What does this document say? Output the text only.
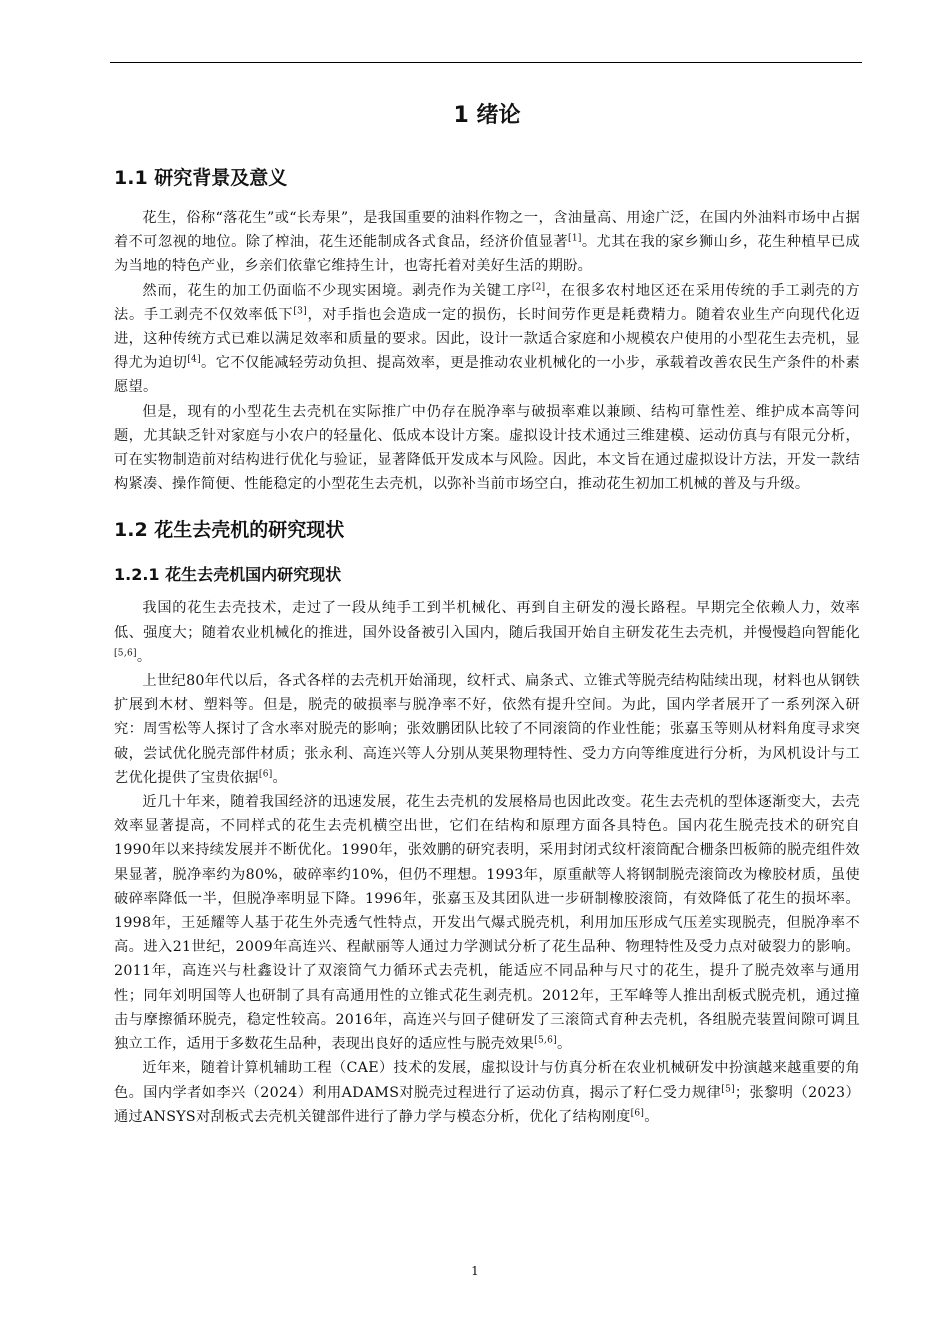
1 绪论
1.1 研究背景及意义

花生，俗称“落花生”或“长寿果”，是我国重要的油料作物之一，含油量高、用途广泛，在国内外油料市场中占据着不可忽视的地位。除了榨油，花生还能制成各式食品，经济价值显著[1]。尤其在我的家乡狮山乡，花生种植早已成为当地的特色产业，乡亲们依靠它维持生计，也寄托着对美好生活的期盼。

然而，花生的加工仍面临不少现实困境。剥壳作为关键工序[2]，在很多农村地区还在采用传统的手工剥壳的方法。手工剥壳不仅效率低下[3]，对手指也会造成一定的损伤，长时间劳作更是耗费精力。随着农业生产向现代化迈进，这种传统方式已难以满足效率和质量的要求。因此，设计一款适合家庭和小规模农户使用的小型花生去壳机，显得尤为迫切[4]。它不仅能减轻劳动负担、提高效率，更是推动农业机械化的一小步，承载着改善农民生产条件的朴素愿望。

但是，现有的小型花生去壳机在实际推广中仍存在脱净率与破损率难以兼顾、结构可靠性差、维护成本高等问题，尤其缺乏针对家庭与小农户的轻量化、低成本设计方案。虚拟设计技术通过三维建模、运动仿真与有限元分析，可在实物制造前对结构进行优化与验证，显著降低开发成本与风险。因此，本文旨在通过虚拟设计方法，开发一款结构紧凑、操作简便、性能稳定的小型花生去壳机，以弥补当前市场空白，推动花生初加工机械的普及与升级。

1.2 花生去壳机的研究现状
1.2.1 花生去壳机国内研究现状

我国的花生去壳技术，走过了一段从纯手工到半机械化、再到自主研发的漫长路程。早期完全依赖人力，效率低、强度大；随着农业机械化的推进，国外设备被引入国内，随后我国开始自主研发花生去壳机，并慢慢趋向智能化[5,6]。

上世纪80年代以后，各式各样的去壳机开始涌现，纹杆式、扁条式、立锥式等脱壳结构陆续出现，材料也从钢铁扩展到木材、塑料等。但是，脱壳的破损率与脱净率不好，依然有提升空间。为此，国内学者展开了一系列深入研究：周雪松等人探讨了含水率对脱壳的影响；张效鹏团队比较了不同滚筒的作业性能；张嘉玉等则从材料角度寻求突破，尝试优化脱壳部件材质；张永利、高连兴等人分别从荚果物理特性、受力方向等维度进行分析，为风机设计与工艺优化提供了宝贵依据[6]。

近几十年来，随着我国经济的迅速发展，花生去壳机的发展格局也因此改变。花生去壳机的型体逐渐变大，去壳效率显著提高，不同样式的花生去壳机横空出世，它们在结构和原理方面各具特色。国内花生脱壳技术的研究自1990年以来持续发展并不断优化。1990年，张效鹏的研究表明，采用封闭式纹杆滚筒配合栅条凹板筛的脱壳组件效果显著，脱净率约为80%，破碎率约10%，但仍不理想。1993年，原重献等人将钢制脱壳滚筒改为橡胶材质，虽使破碎率降低一半，但脱净率明显下降。1996年，张嘉玉及其团队进一步研制橡胶滚筒，有效降低了花生的损坏率。1998年，王延耀等人基于花生外壳透气性特点，开发出气爆式脱壳机，利用加压形成气压差实现脱壳，但脱净率不高。进入21世纪，2009年高连兴、程献丽等人通过力学测试分析了花生品种、物理特性及受力点对破裂力的影响。2011年，高连兴与杜鑫设计了双滚筒气力循环式去壳机，能适应不同品种与尺寸的花生，提升了脱壳效率与通用性；同年刘明国等人也研制了具有高通用性的立锥式花生剥壳机。2012年，王军峰等人推出刮板式脱壳机，通过撞击与摩擦循环脱壳，稳定性较高。2016年，高连兴与回子健研发了三滚筒式育种去壳机，各组脱壳装置间隙可调且独立工作，适用于多数花生品种，表现出良好的适应性与脱壳效果[5,6]。

近年来，随着计算机辅助工程（CAE）技术的发展，虚拟设计与仿真分析在农业机械研发中扮演越来越重要的角色。国内学者如李兴（2024）利用ADAMS对脱壳过程进行了运动仿真，揭示了籽仁受力规律[5]；张黎明（2023）通过ANSYS对刮板式去壳机关键部件进行了静力学与模态分析，优化了结构刚度[6]。

1
